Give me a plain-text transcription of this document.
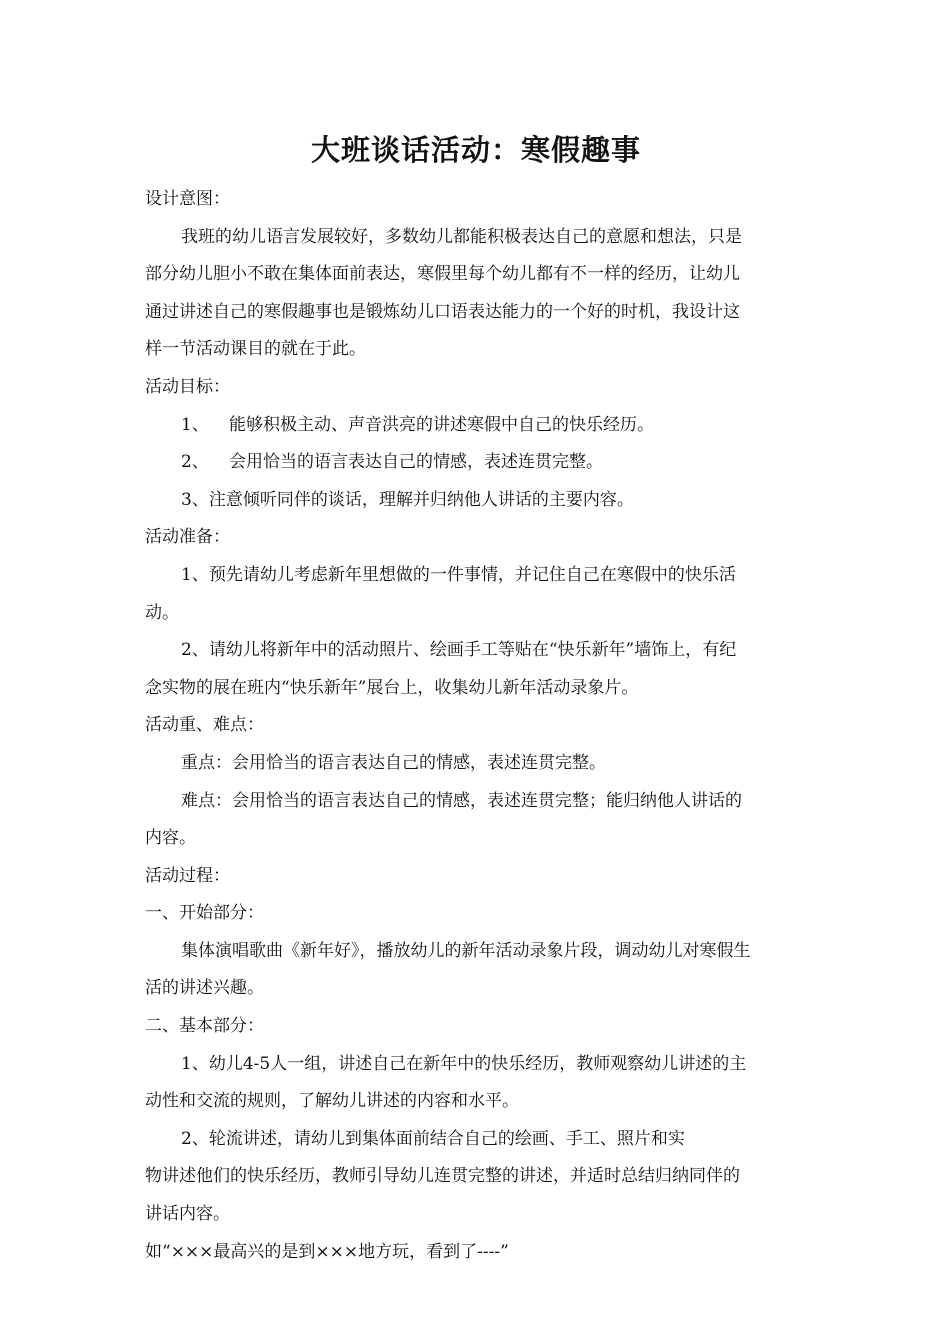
大班谈话活动：寒假趣事

设计意图：

我班的幼儿语言发展较好，多数幼儿都能积极表达自己的意愿和想法，只是

部分幼儿胆小不敢在集体面前表达，寒假里每个幼儿都有不一样的经历，让幼儿

通过讲述自己的寒假趣事也是锻炼幼儿口语表达能力的一个好的时机，我设计这

样一节活动课目的就在于此。

活动目标：

1、 能够积极主动、声音洪亮的讲述寒假中自己的快乐经历。

2、 会用恰当的语言表达自己的情感，表述连贯完整。

3、注意倾听同伴的谈话，理解并归纳他人讲话的主要内容。

活动准备：

1、预先请幼儿考虑新年里想做的一件事情，并记住自己在寒假中的快乐活

动。

2、请幼儿将新年中的活动照片、绘画手工等贴在“快乐新年”墙饰上，有纪

念实物的展在班内“快乐新年”展台上，收集幼儿新年活动录象片。

活动重、难点：

重点：会用恰当的语言表达自己的情感，表述连贯完整。

难点：会用恰当的语言表达自己的情感，表述连贯完整；能归纳他人讲话的

内容。

活动过程：

一、开始部分：

集体演唱歌曲《新年好》，播放幼儿的新年活动录象片段，调动幼儿对寒假生

活的讲述兴趣。

二、基本部分：

1、幼儿4-5人一组，讲述自己在新年中的快乐经历，教师观察幼儿讲述的主

动性和交流的规则，了解幼儿讲述的内容和水平。

2、轮流讲述，请幼儿到集体面前结合自己的绘画、手工、照片和实

物讲述他们的快乐经历，教师引导幼儿连贯完整的讲述，并适时总结归纳同伴的

讲话内容。

如“×××最高兴的是到×××地方玩，看到了----”
